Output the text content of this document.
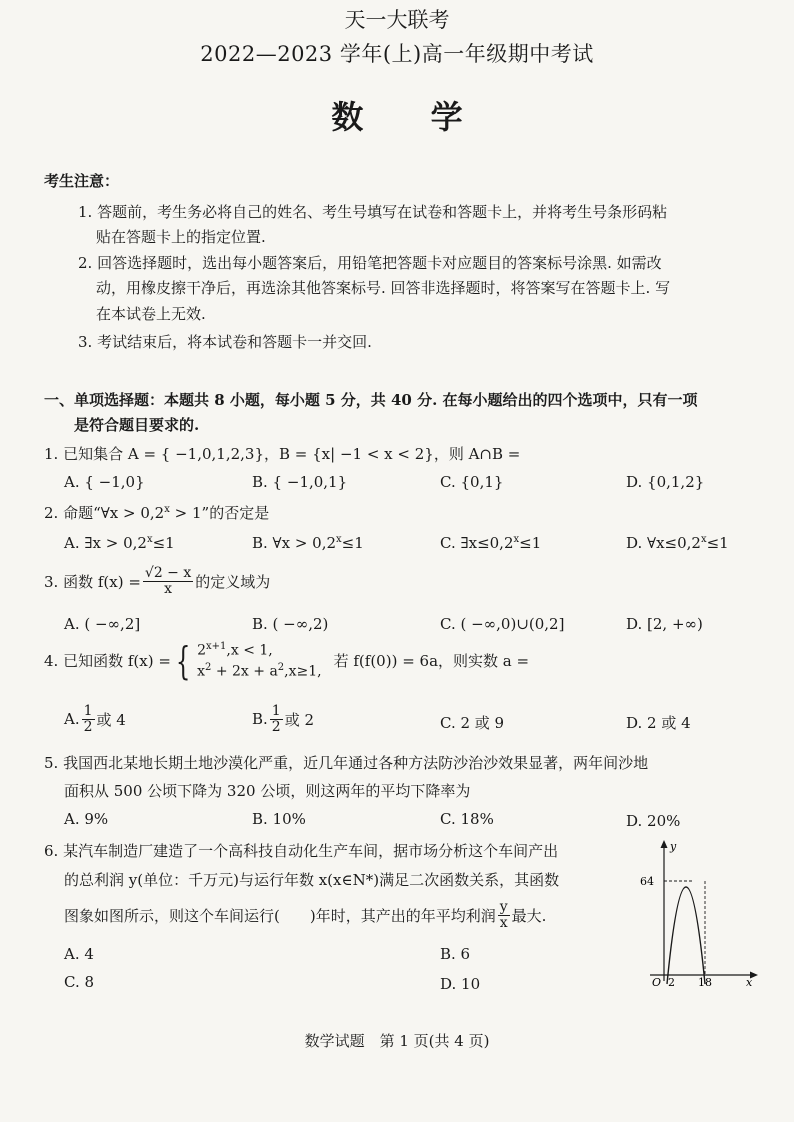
天一大联考
2022—2023 学年(上)高一年级期中考试
数 学
考生注意：
1. 答题前，考生务必将自己的姓名、考生号填写在试卷和答题卡上，并将考生号条形码粘
贴在答题卡上的指定位置.
2. 回答选择题时，选出每小题答案后，用铅笔把答题卡对应题目的答案标号涂黑. 如需改
动，用橡皮擦干净后，再选涂其他答案标号. 回答非选择题时，将答案写在答题卡上. 写
在本试卷上无效.
3. 考试结束后，将本试卷和答题卡一并交回.
一、单项选择题：本题共 8 小题，每小题 5 分，共 40 分. 在每小题给出的四个选项中，只有一项
是符合题目要求的.
1. 已知集合 A = { −1,0,1,2,3}，B = {x| −1 < x < 2}，则 A∩B =
A. { −1,0}	B. { −1,0,1}	C. {0,1}	D. {0,1,2}
2. 命题“∀x > $0,2^x > 1$”的否定是
A. ∃x > $0,2^x\le 1$	B. ∀x > $0,2^x\le 1$	C. $\exists x\le 0,2^x\le 1$	D. $\forall x\le 0,2^x\le 1$
3. 函数 $f(x) = \frac{√2 - x}{x}$ 的定义域为
A. ( −∞,2]	B. ( −∞,2)	C. ( −∞,0)∪(0,2]	D. [2, +∞)
4. 已知函数 f(x) = { $2^{x+1},x < 1$,
$x^2 + 2x + a^2,x\ge 1$,
若 f(f(0)) = 6a，则实数 a =
A. $\frac{1}{2}$ 或 4	B. $\frac{1}{2}$ 或 2	C. 2 或 9	D. 2 或 4
5. 我国西北某地长期土地沙漠化严重，近几年通过各种方法防沙治沙效果显著，两年间沙地
面积从 500 公顷下降为 320 公顷，则这两年的平均下降率为
A. 9%	B. 10%	C. 18%	D. 20%
6. 某汽车制造厂建造了一个高科技自动化生产车间，据市场分析这个车间产出
的总利润 y(单位：千万元)与运行年数 x(x∈N*)满足二次函数关系，其函数
图象如图所示，则这个车间运行(　　)年时，其产出的年平均利润 $\frac{y}{x}$ 最大.
A. 4	B. 6
C. 8	D. 10
y
x
64
O 2 18
数学试题　第 1 页(共 4 页)
